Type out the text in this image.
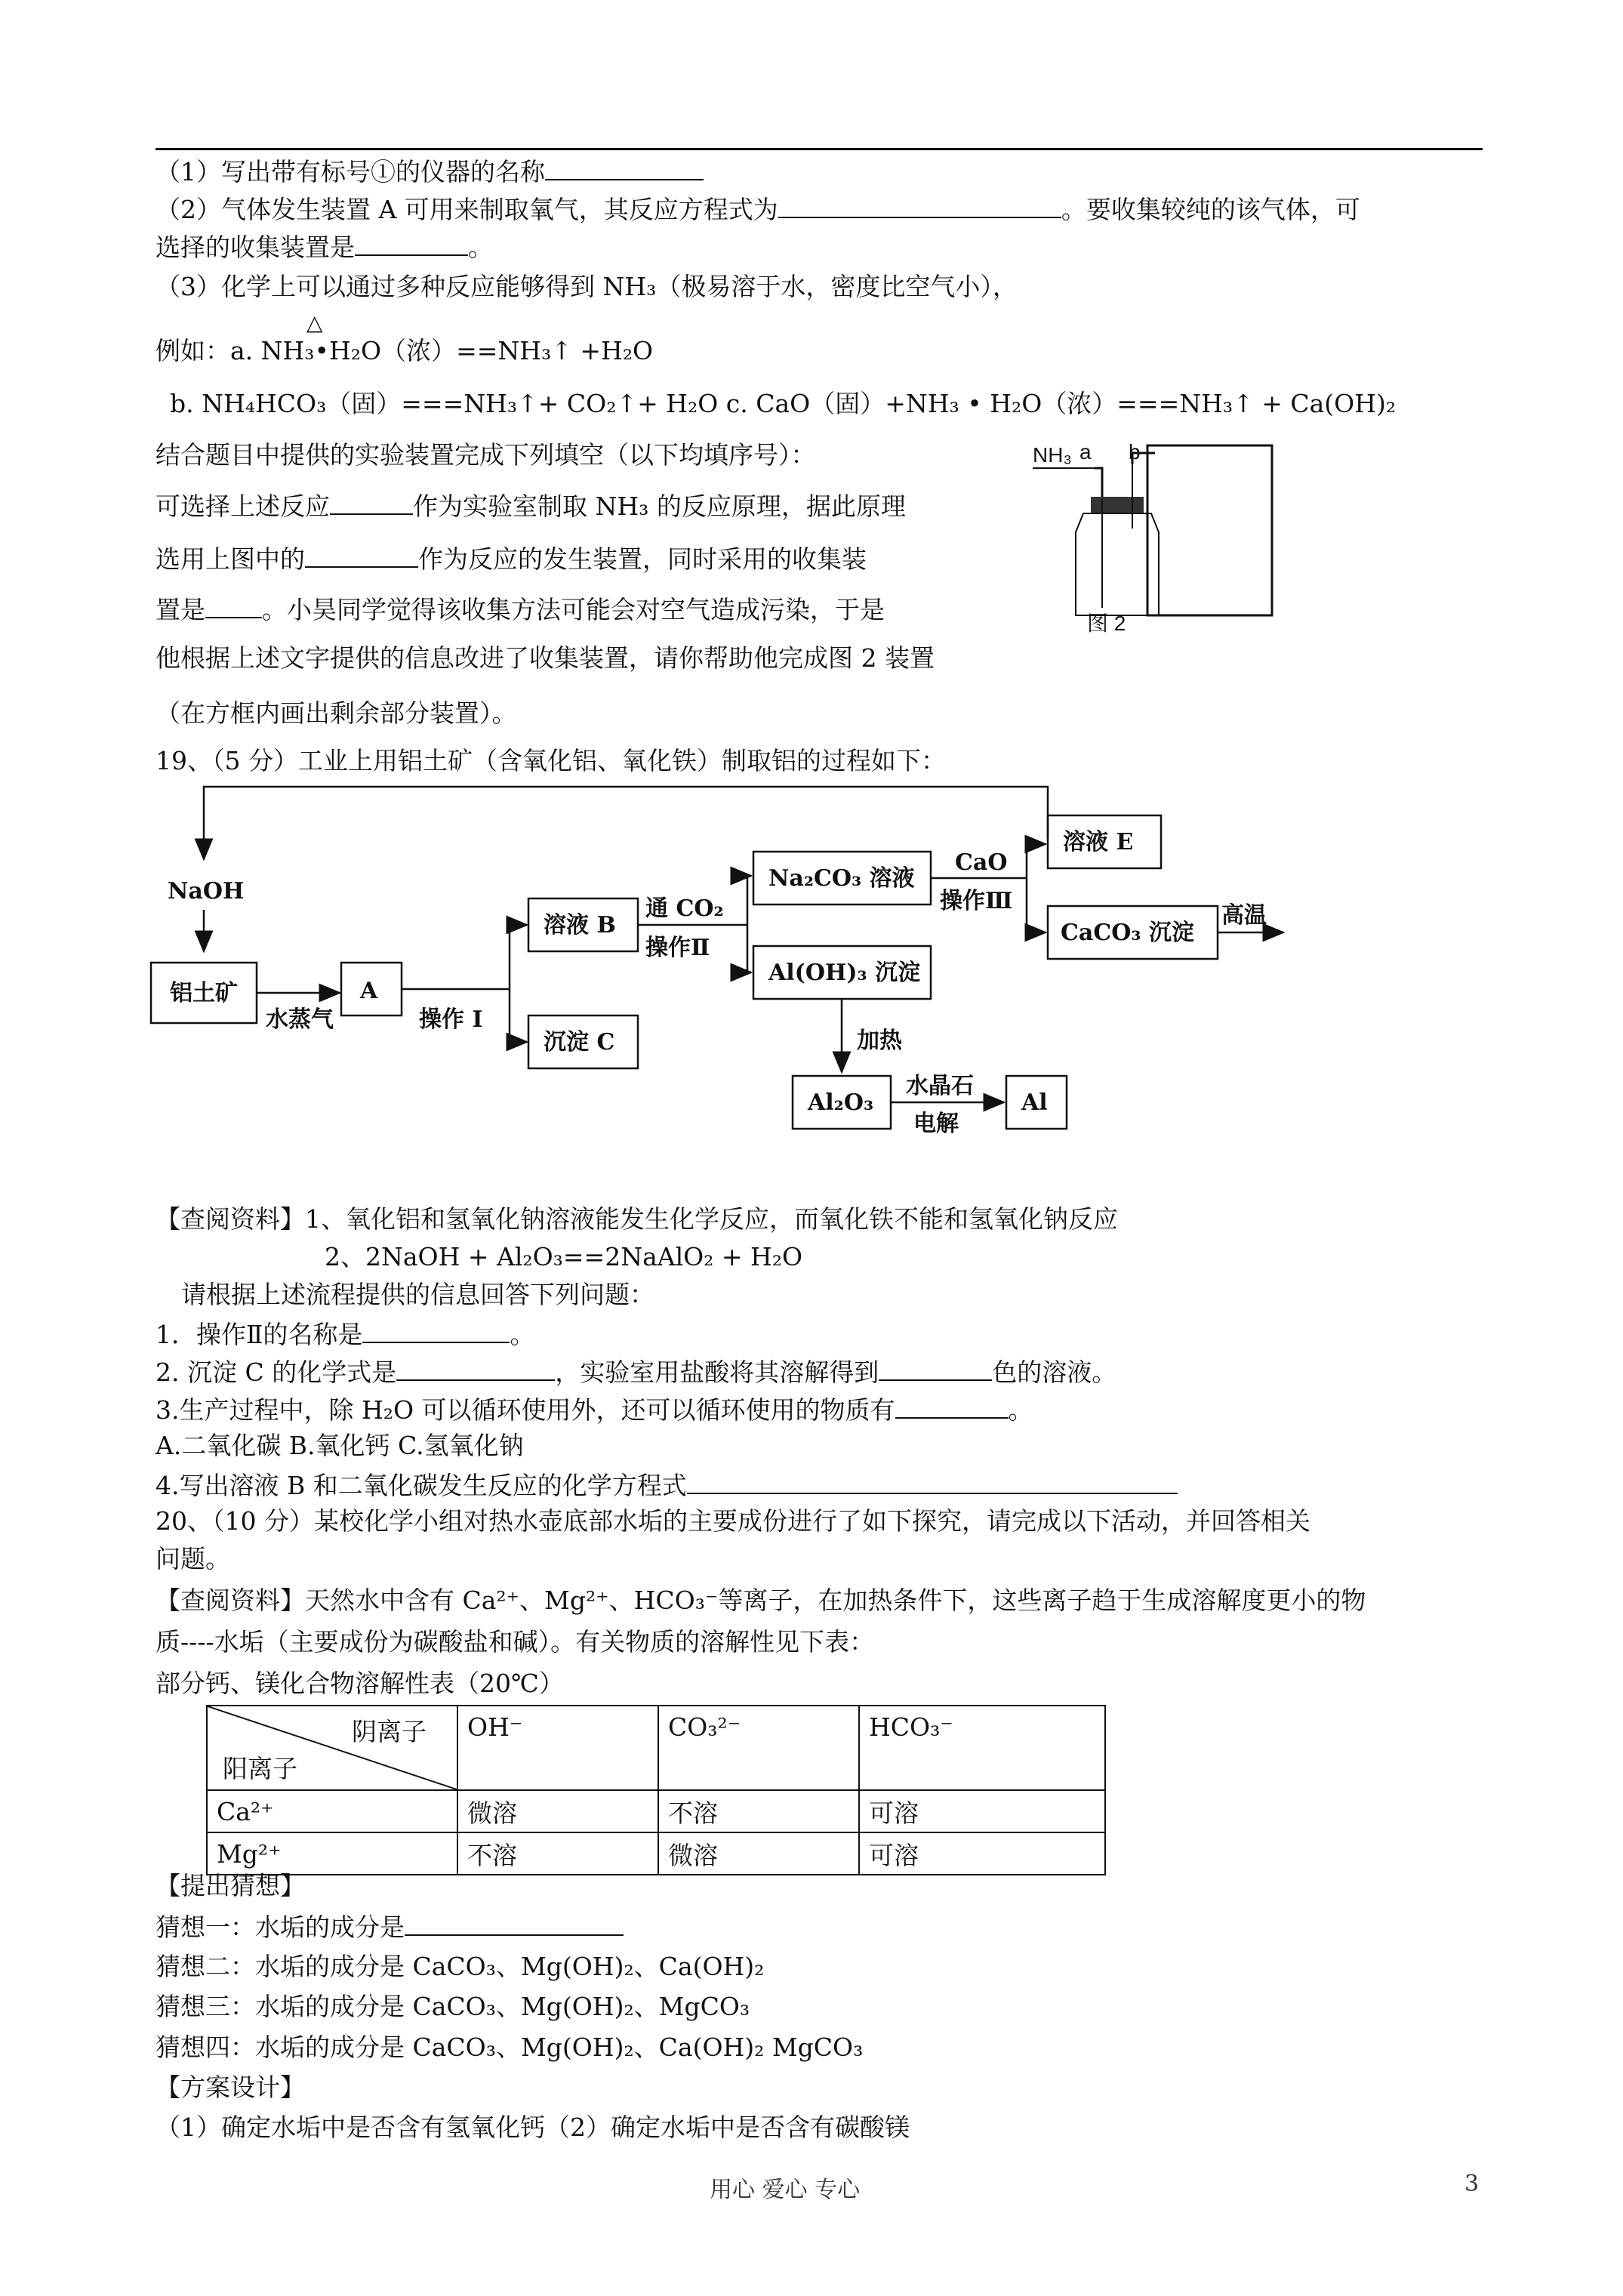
（1）写出带有标号①的仪器的名称
（2）气体发生装置 A 可用来制取氧气，其反应方程式为	。要收集较纯的该气体，可
选择的收集装置是	。
（3）化学上可以通过多种反应能够得到 NH₃（极易溶于水，密度比空气小），
△
例如：a. NH₃•H₂O（浓）==NH₃↑ +H₂O
b. NH₄HCO₃（固）===NH₃↑+ CO₂↑+ H₂O c. CaO（固）+NH₃ • H₂O（浓）===NH₃↑ + Ca(OH)₂
结合题目中提供的实验装置完成下列填空（以下均填序号）：
可选择上述反应	作为实验室制取 NH₃ 的反应原理，据此原理
选用上图中的	作为反应的发生装置，同时采用的收集装
置是 。小昊同学觉得该收集方法可能会对空气造成污染，于是
他根据上述文字提供的信息改进了收集装置，请你帮助他完成图 2 装置
（在方框内画出剩余部分装置）。
NH₃ a b
图 2
19、（5 分）工业上用铝土矿（含氧化铝、氧化铁）制取铝的过程如下：
NaOH
铝土矿
水蒸气
A
操作 I
溶液 B
沉淀 C
通 CO₂
操作Ⅱ
Na₂CO₃ 溶液
Al(OH)₃ 沉淀
CaO
操作Ⅲ
溶液 E
CaCO₃ 沉淀
高温
加热
Al₂O₃
水晶石
电解
Al
【查阅资料】1、氧化铝和氢氧化钠溶液能发生化学反应，而氧化铁不能和氢氧化钠反应
2、2NaOH + Al₂O₃==2NaAlO₂ + H₂O
请根据上述流程提供的信息回答下列问题：
1．操作Ⅱ的名称是	。
2. 沉淀 C 的化学式是	，实验室用盐酸将其溶解得到	色的溶液。
3.生产过程中，除 H₂O 可以循环使用外，还可以循环使用的物质有	。
A.二氧化碳 B.氧化钙 C.氢氧化钠
4.写出溶液 B 和二氧化碳发生反应的化学方程式
20、（10 分）某校化学小组对热水壶底部水垢的主要成份进行了如下探究，请完成以下活动，并回答相关
问题。
【查阅资料】天然水中含有 Ca²⁺、Mg²⁺、HCO₃⁻等离子，在加热条件下，这些离子趋于生成溶解度更小的物
质----水垢（主要成份为碳酸盐和碱）。有关物质的溶解性见下表：
部分钙、镁化合物溶解性表（20℃）
阴离子
阳离子	OH⁻	CO₃²⁻	HCO₃⁻
Ca²⁺	微溶	不溶	可溶
Mg²⁺	不溶	微溶	可溶
【提出猜想】
猜想一：水垢的成分是
猜想二：水垢的成分是 CaCO₃、Mg(OH)₂、Ca(OH)₂
猜想三：水垢的成分是 CaCO₃、Mg(OH)₂、MgCO₃
猜想四：水垢的成分是 CaCO₃、Mg(OH)₂、Ca(OH)₂ MgCO₃
【方案设计】
（1）确定水垢中是否含有氢氧化钙（2）确定水垢中是否含有碳酸镁
用心 爱心 专心	3
